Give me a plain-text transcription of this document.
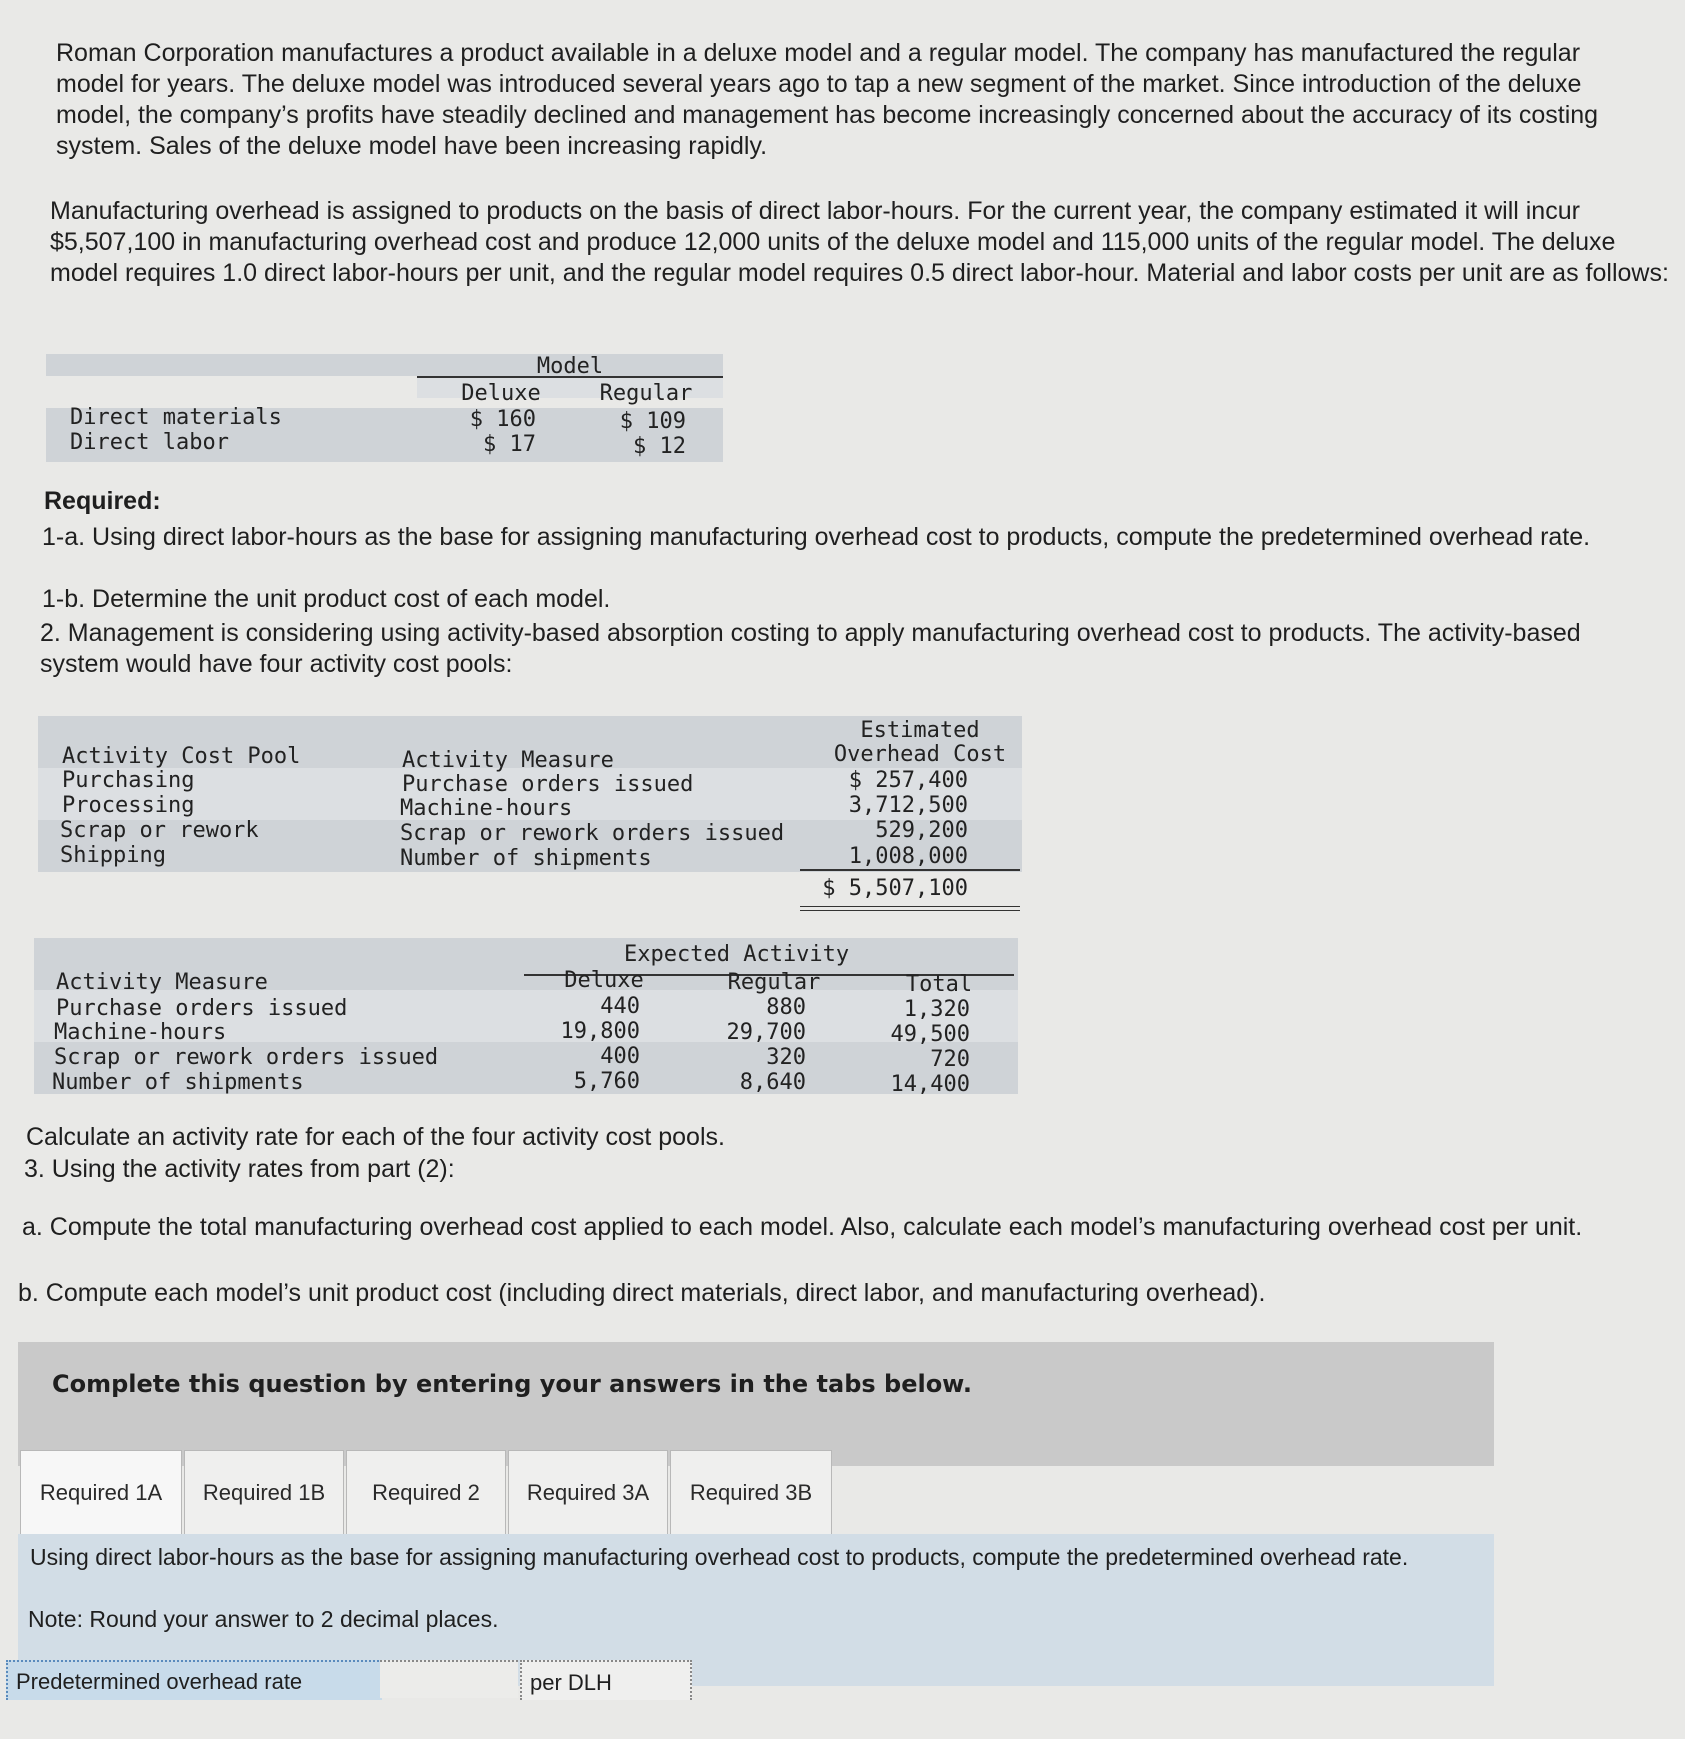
Roman Corporation manufactures a product available in a deluxe model and a regular model. The company has manufactured the regular model for years. The deluxe model was introduced several years ago to tap a new segment of the market. Since introduction of the deluxe model, the company’s profits have steadily declined and management has become increasingly concerned about the accuracy of its costing system. Sales of the deluxe model have been increasing rapidly.
Manufacturing overhead is assigned to products on the basis of direct labor-hours. For the current year, the company estimated it will incur $5,507,100 in manufacturing overhead cost and produce 12,000 units of the deluxe model and 115,000 units of the regular model. The deluxe model requires 1.0 direct labor-hours per unit, and the regular model requires 0.5 direct labor-hour. Material and labor costs per unit are as follows:
Model
Deluxe	Regular
Direct materials	$ 160	$ 109
Direct labor	$ 17	$ 12
Required:
1-a. Using direct labor-hours as the base for assigning manufacturing overhead cost to products, compute the predetermined overhead rate.
1-b. Determine the unit product cost of each model.
2. Management is considering using activity-based absorption costing to apply manufacturing overhead cost to products. The activity-based system would have four activity cost pools:
Activity Cost Pool	Activity Measure
Estimated
Overhead Cost
Purchasing	Purchase orders issued	$ 257,400
Processing	Machine-hours	3,712,500
Scrap or rework	Scrap or rework orders issued	529,200
Shipping	Number of shipments	1,008,000
$ 5,507,100
Expected Activity
Activity Measure	Deluxe	Regular	Total
Purchase orders issued	440	880	1,320
Machine-hours	19,800	29,700	49,500
Scrap or rework orders issued	400	320	720
Number of shipments	5,760	8,640	14,400
Calculate an activity rate for each of the four activity cost pools.
3. Using the activity rates from part (2):
a. Compute the total manufacturing overhead cost applied to each model. Also, calculate each model’s manufacturing overhead cost per unit.
b. Compute each model’s unit product cost (including direct materials, direct labor, and manufacturing overhead).
Complete this question by entering your answers in the tabs below.
Required 1A Required 1B Required 2 Required 3A Required 3B
Using direct labor-hours as the base for assigning manufacturing overhead cost to products, compute the predetermined overhead rate.
Note: Round your answer to 2 decimal places.
Predetermined overhead rate	per DLH
